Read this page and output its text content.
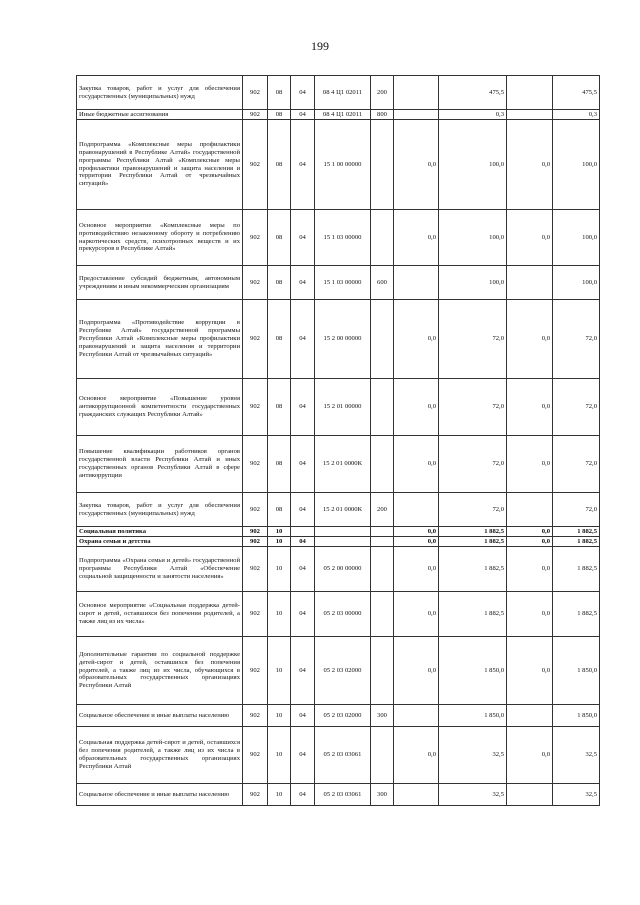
199
Закупка товаров, работ и услуг для обеспечения государственных (муниципальных) нужд	902	08	04	08 4 Ц1 02011	200		475,5		475,5
Иные бюджетные ассигнования	902	08	04	08 4 Ц1 02011	800		0,3		0,3
Подпрограмма «Комплексные меры профилактики правонарушений в Республике Алтай» государственной программы Республики Алтай «Комплексные меры профилактики правонарушений и защита населения и территории Республики Алтай от чрезвычайных ситуаций»	902	08	04	15 1 00 00000		0,0	100,0	0,0	100,0
Основное мероприятие «Комплексные меры по противодействию незаконному обороту и потреблению наркотических средств, психотропных веществ и их прекурсоров в Республике Алтай»	902	08	04	15 1 03 00000		0,0	100,0	0,0	100,0
Предоставление субсидий бюджетным, автономным учреждениям и иным некоммерческим организациям	902	08	04	15 1 03 00000	600		100,0		100,0
Подпрограмма «Противодействие коррупции в Республике Алтай» государственной программы Республики Алтай «Комплексные меры профилактики правонарушений и защита населения и территории Республики Алтай от чрезвычайных ситуаций»	902	08	04	15 2 00 00000		0,0	72,0	0,0	72,0
Основное мероприятие «Повышение уровня антикоррупционной компетентности государственных гражданских служащих Республики Алтай»	902	08	04	15 2 01 00000		0,0	72,0	0,0	72,0
Повышение квалификации работников органов государственной власти Республики Алтай и иных государственных органов Республики Алтай в сфере антикоррупции	902	08	04	15 2 01 0000К		0,0	72,0	0,0	72,0
Закупка товаров, работ и услуг для обеспечения государственных (муниципальных) нужд	902	08	04	15 2 01 0000К	200		72,0		72,0
Социальная политика	902	10				0,0	1 882,5	0,0	1 882,5
Охрана семьи и детства	902	10	04			0,0	1 882,5	0,0	1 882,5
Подпрограмма «Охрана семьи и детей» государственной программы Республики Алтай «Обеспечение социальной защищенности и занятости населения»	902	10	04	05 2 00 00000		0,0	1 882,5	0,0	1 882,5
Основное мероприятие «Социальная поддержка детей-сирот и детей, оставшихся без попечения родителей, а также лиц из их числа»	902	10	04	05 2 03 00000		0,0	1 882,5	0,0	1 882,5
Дополнительные гарантии по социальной поддержке детей-сирот и детей, оставшихся без попечения родителей, а также лиц из их числа, обучающихся в образовательных государственных организациях Республики Алтай	902	10	04	05 2 03 02000		0,0	1 850,0	0,0	1 850,0
Социальное обеспечение и иные выплаты населению	902	10	04	05 2 03 02000	300		1 850,0		1 850,0
Социальная поддержка детей-сирот и детей, оставшихся без попечения родителей, а также лиц из их числа в образовательных государственных организациях Республики Алтай	902	10	04	05 2 03 03061		0,0	32,5	0,0	32,5
Социальное обеспечение и иные выплаты населению	902	10	04	05 2 03 03061	300		32,5		32,5
